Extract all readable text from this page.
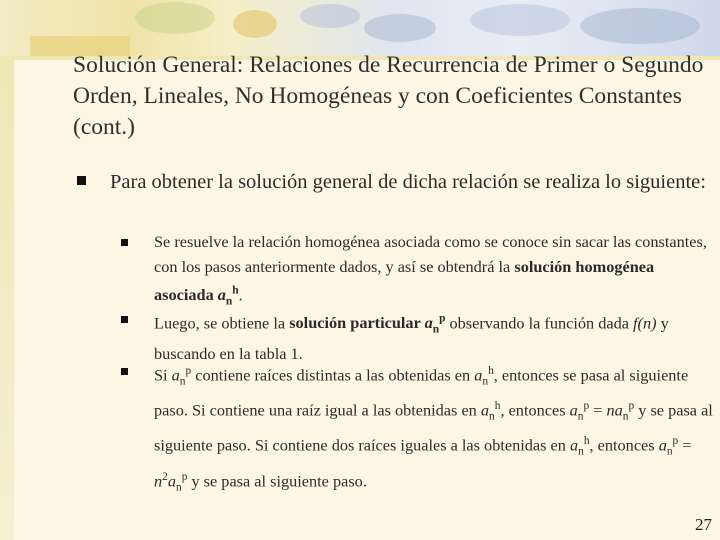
Solución General: Relaciones de Recurrencia de Primer o Segundo Orden, Lineales, No Homogéneas y con Coeficientes Constantes (cont.)
Para obtener la solución general de dicha relación se realiza lo siguiente:
Se resuelve la relación homogénea asociada como se conoce sin sacar las constantes, con los pasos anteriormente dados, y así se obtendrá la solución homogénea asociada $a_n^h$.
Luego, se obtiene la solución particular $a_n^p$ observando la función dada f(n) y buscando en la tabla 1.
Si $a_n^p$ contiene raíces distintas a las obtenidas en $a_n^h$, entonces se pasa al siguiente paso. Si contiene una raíz igual a las obtenidas en $a_n^h$, entonces $a_n^p = na_n^p$ y se pasa al siguiente paso. Si contiene dos raíces iguales a las obtenidas en $a_n^h$, entonces $a_n^p = n^2a_n^p$ y se pasa al siguiente paso.
27
